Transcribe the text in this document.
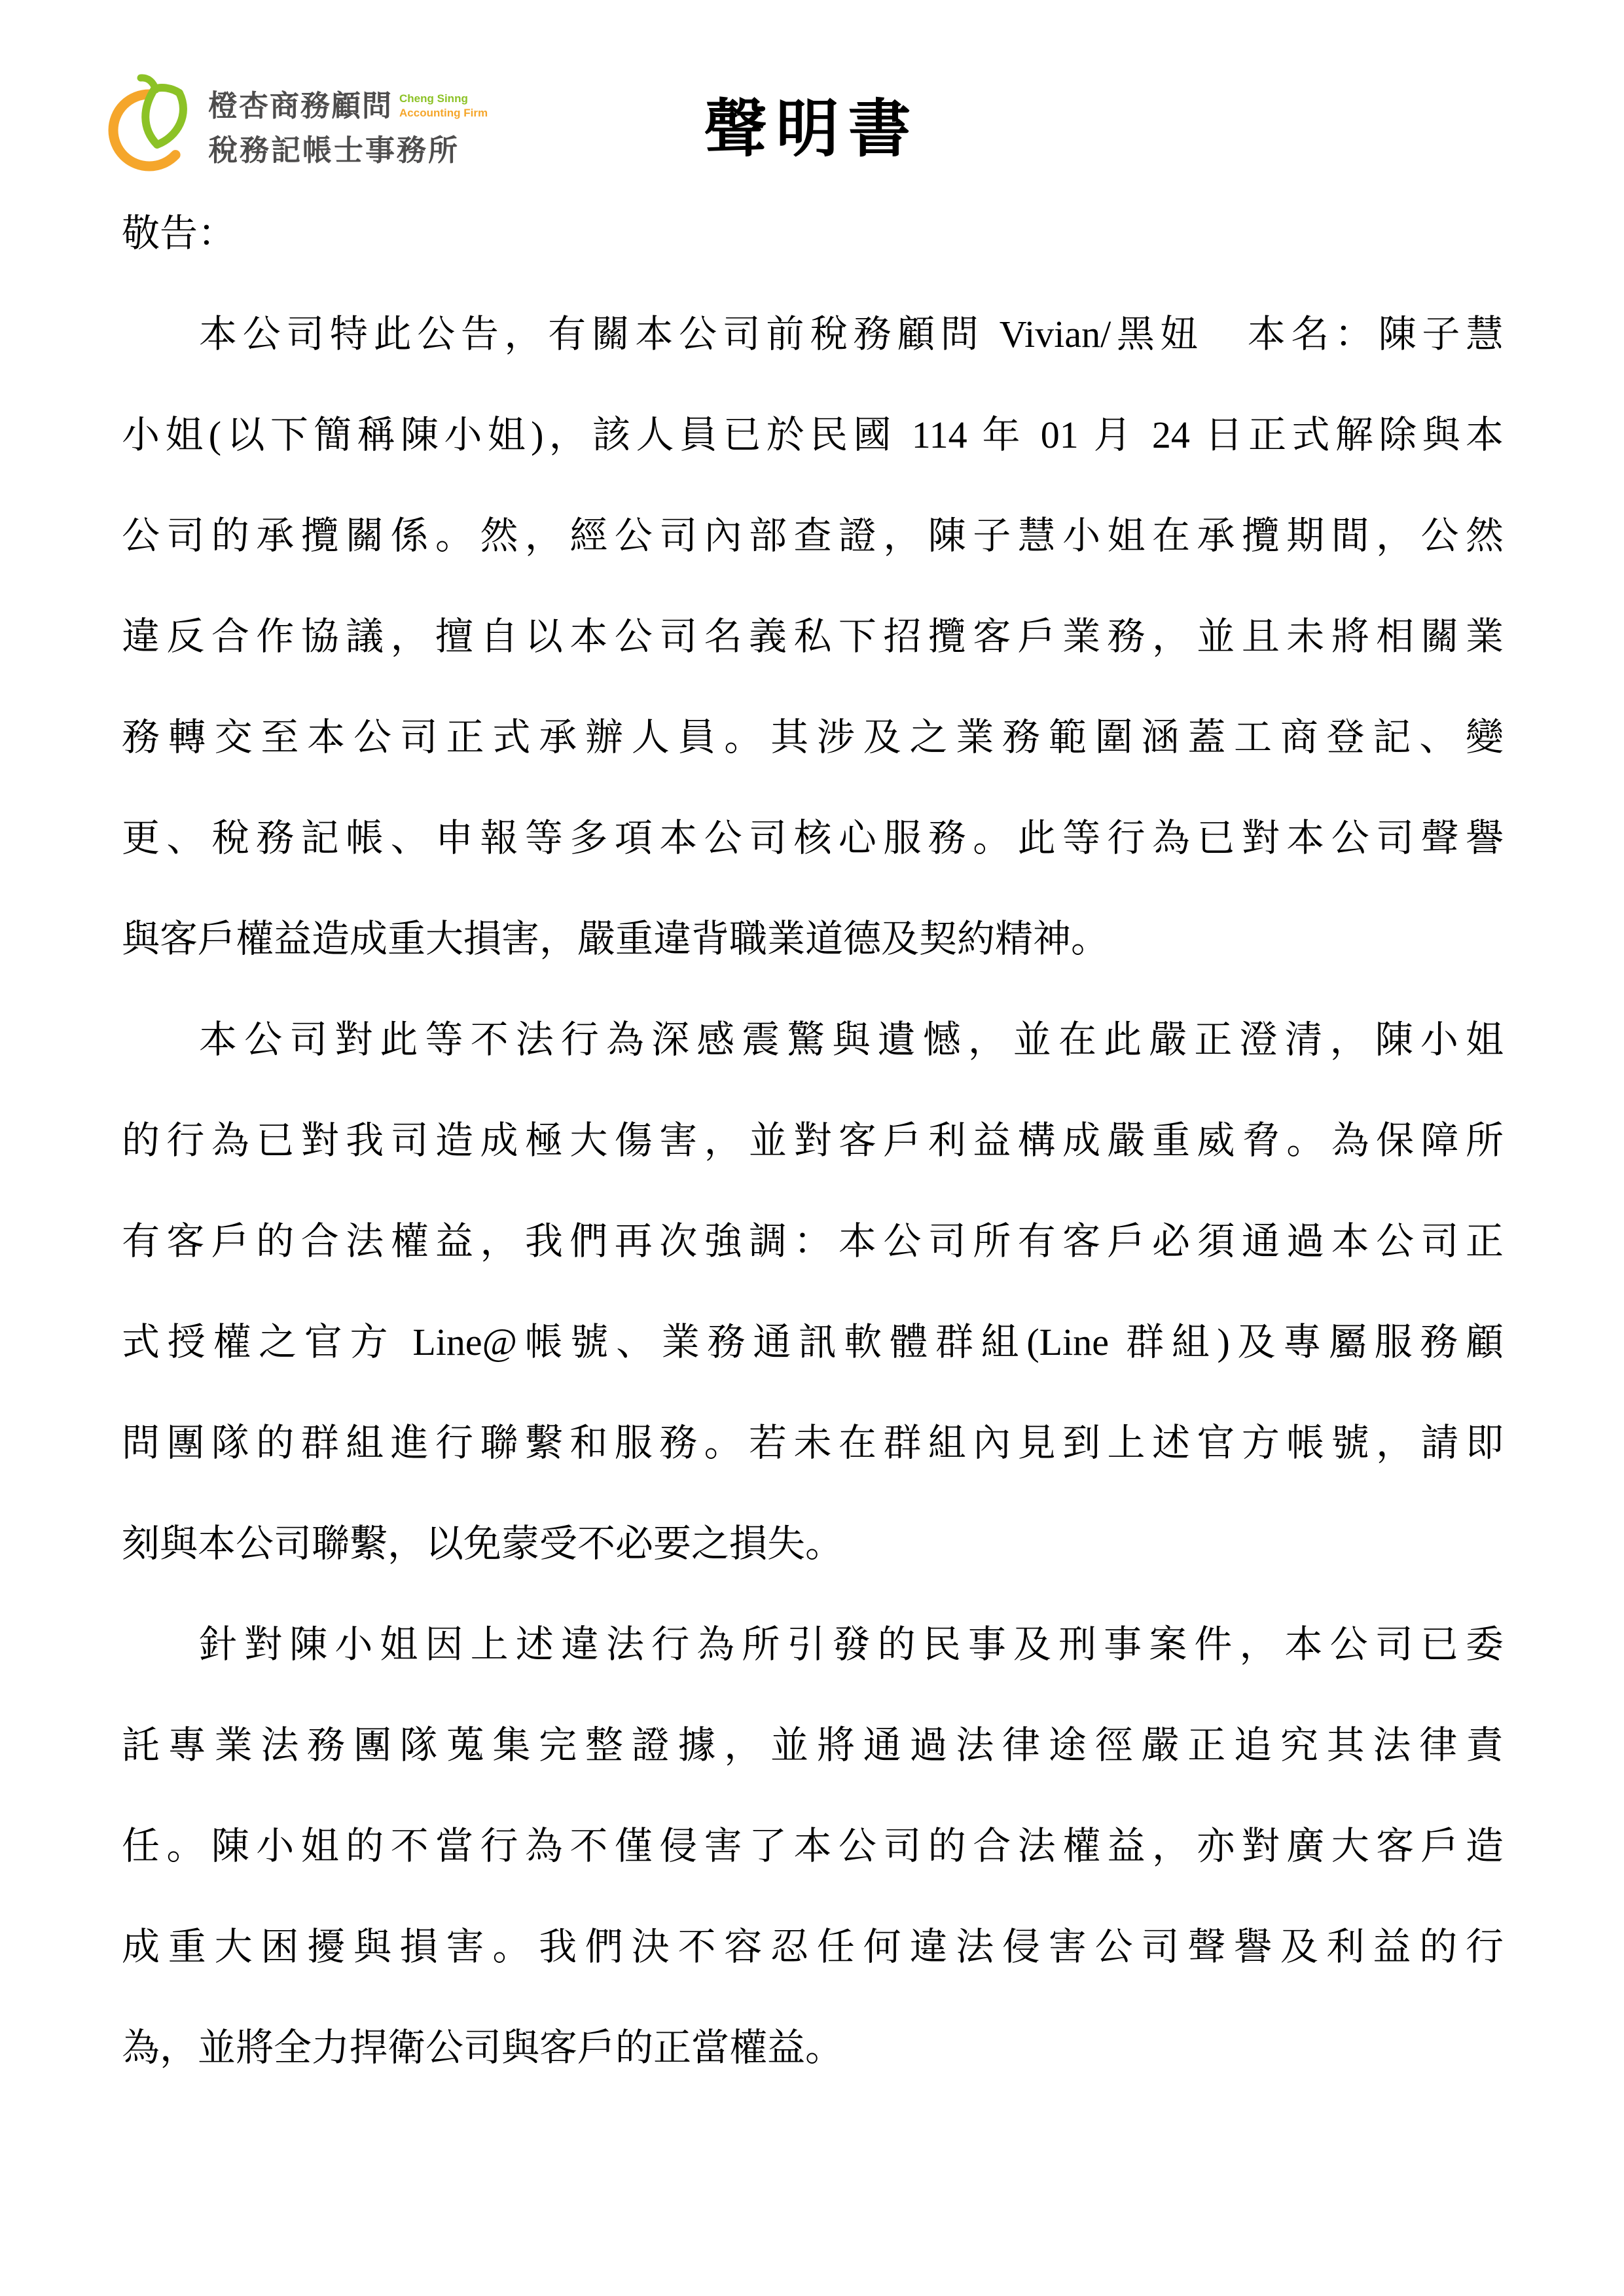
橙杏商務顧問 Cheng Sinng
Accounting Firm
稅務記帳士事務所	聲明書
敬告：
本公司特此公告，有關本公司前稅務顧問 Vivian/黑妞　本名：陳子慧
小姐(以下簡稱陳小姐)，該人員已於民國 114 年 01 月 24 日正式解除與本
公司的承攬關係。然，經公司內部查證，陳子慧小姐在承攬期間，公然
違反合作協議，擅自以本公司名義私下招攬客戶業務，並且未將相關業
務轉交至本公司正式承辦人員。其涉及之業務範圍涵蓋工商登記、變
更、稅務記帳、申報等多項本公司核心服務。此等行為已對本公司聲譽
與客戶權益造成重大損害，嚴重違背職業道德及契約精神。
本公司對此等不法行為深感震驚與遺憾，並在此嚴正澄清，陳小姐
的行為已對我司造成極大傷害，並對客戶利益構成嚴重威脅。為保障所
有客戶的合法權益，我們再次強調：本公司所有客戶必須通過本公司正
式授權之官方 Line@帳號、業務通訊軟體群組(Line 群組)及專屬服務顧
問團隊的群組進行聯繫和服務。若未在群組內見到上述官方帳號，請即
刻與本公司聯繫，以免蒙受不必要之損失。
針對陳小姐因上述違法行為所引發的民事及刑事案件，本公司已委
託專業法務團隊蒐集完整證據，並將通過法律途徑嚴正追究其法律責
任。陳小姐的不當行為不僅侵害了本公司的合法權益，亦對廣大客戶造
成重大困擾與損害。我們決不容忍任何違法侵害公司聲譽及利益的行
為，並將全力捍衛公司與客戶的正當權益。
